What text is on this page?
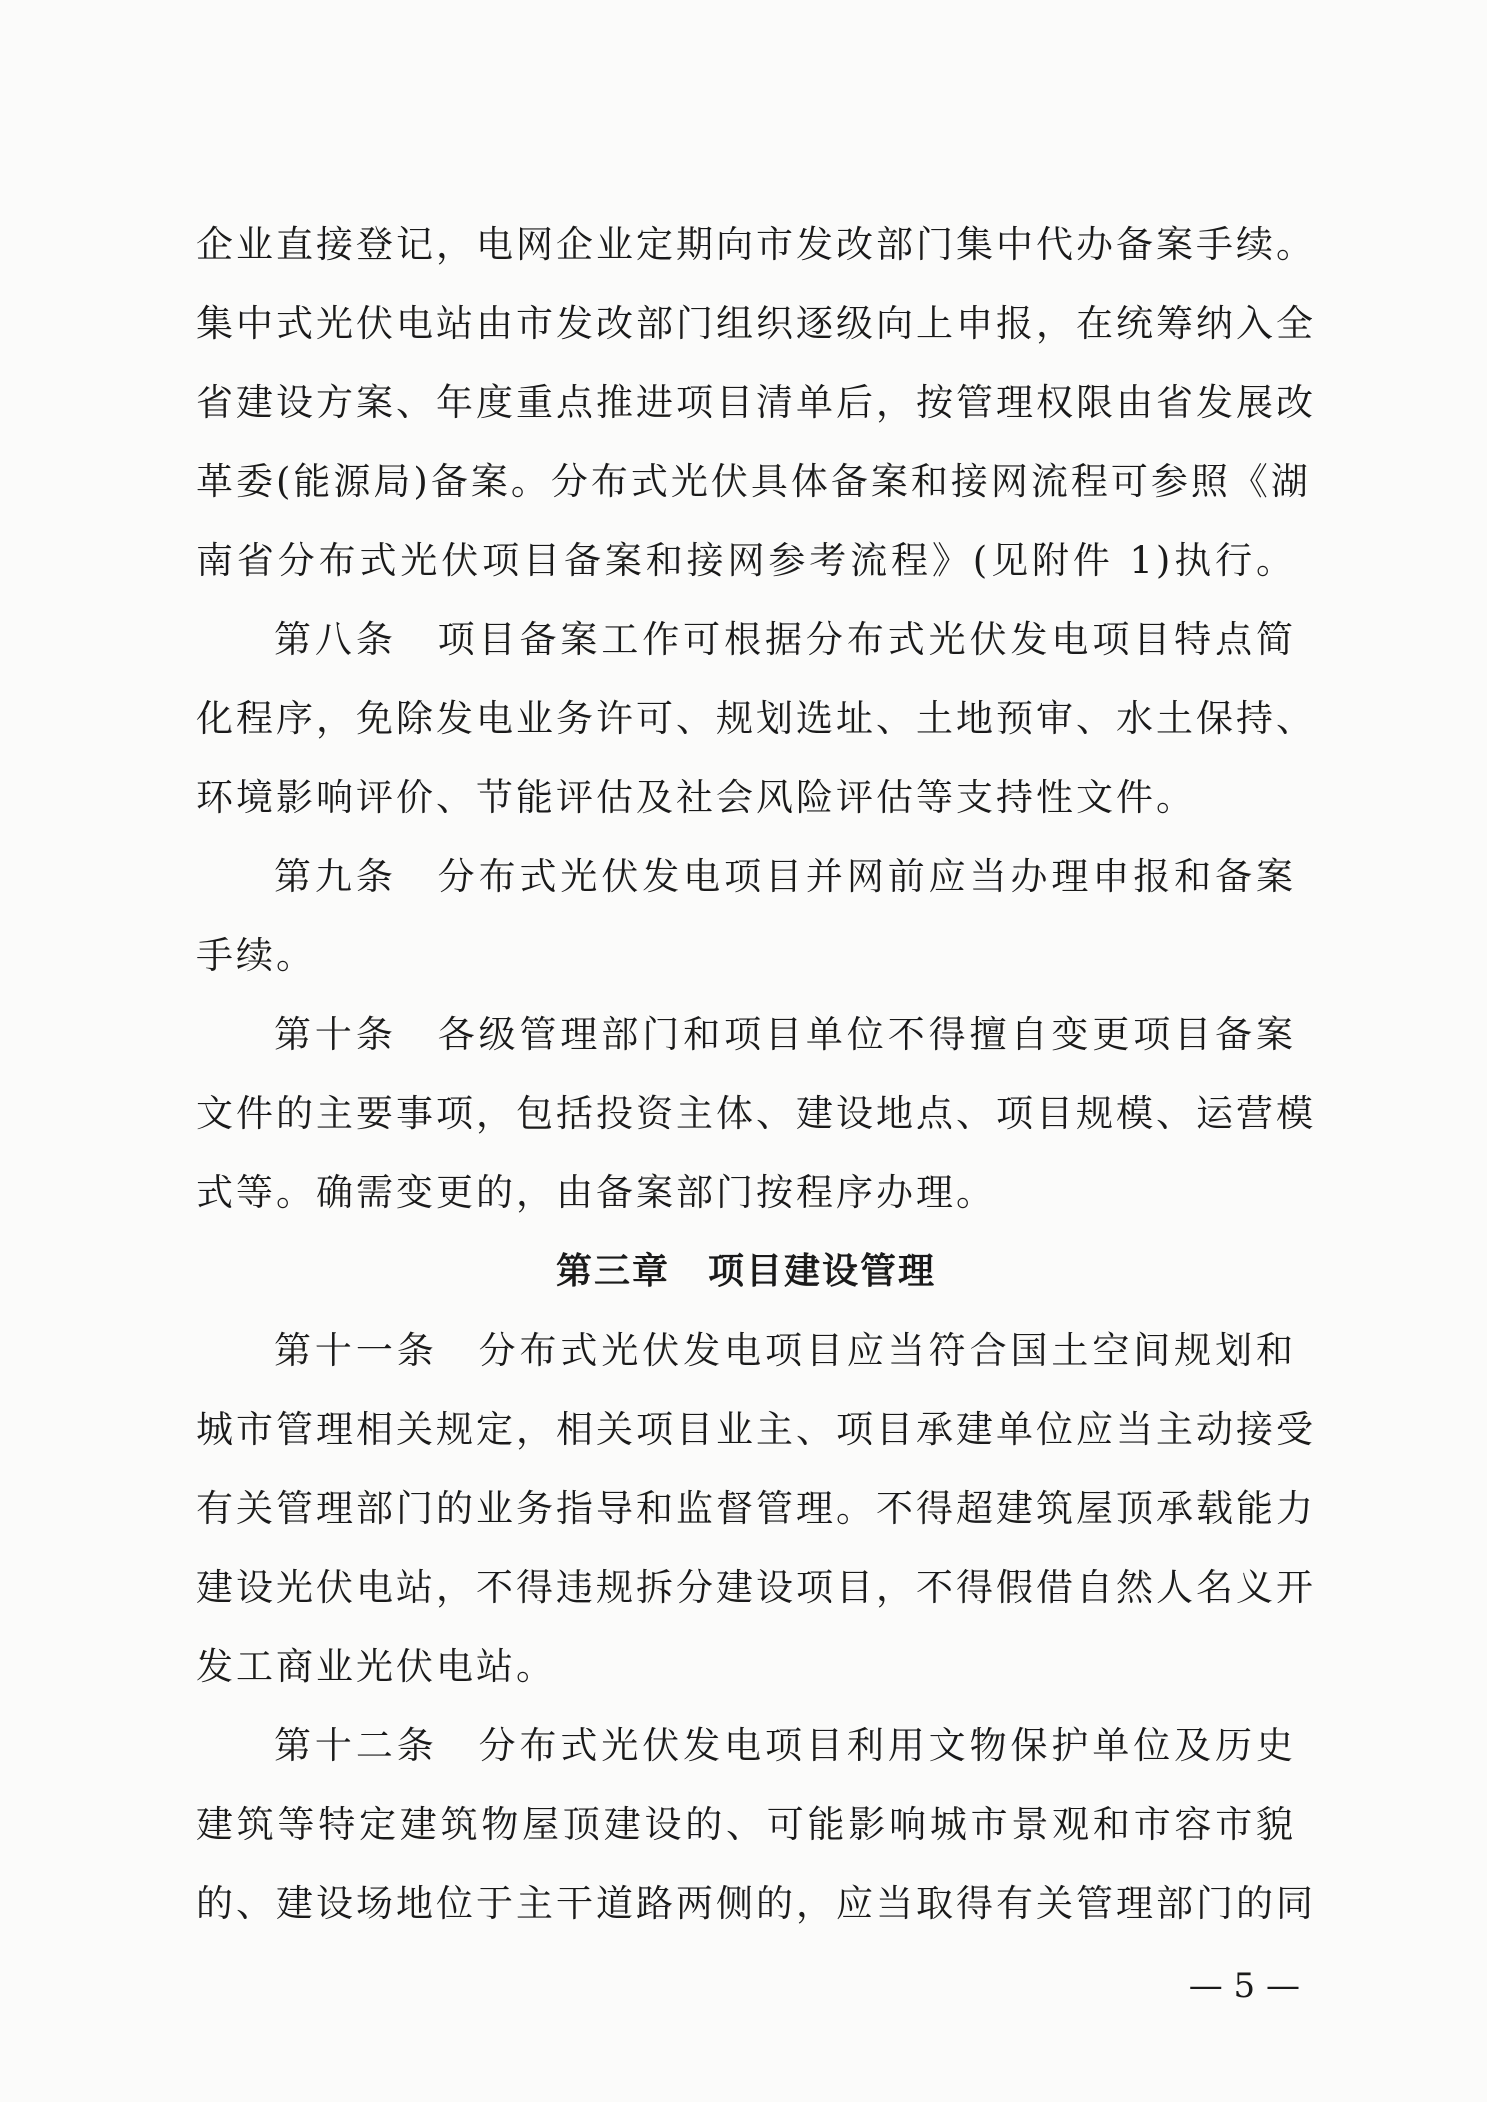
企业直接登记，电网企业定期向市发改部门集中代办备案手续。
集中式光伏电站由市发改部门组织逐级向上申报，在统筹纳入全
省建设方案、年度重点推进项目清单后，按管理权限由省发展改
革委(能源局)备案。分布式光伏具体备案和接网流程可参照《湖
南省分布式光伏项目备案和接网参考流程》(见附件 1)执行。
第八条　项目备案工作可根据分布式光伏发电项目特点简
化程序，免除发电业务许可、规划选址、土地预审、水土保持、
环境影响评价、节能评估及社会风险评估等支持性文件。
第九条　分布式光伏发电项目并网前应当办理申报和备案
手续。
第十条　各级管理部门和项目单位不得擅自变更项目备案
文件的主要事项，包括投资主体、建设地点、项目规模、运营模
式等。确需变更的，由备案部门按程序办理。
第三章　项目建设管理
第十一条　分布式光伏发电项目应当符合国土空间规划和
城市管理相关规定，相关项目业主、项目承建单位应当主动接受
有关管理部门的业务指导和监督管理。不得超建筑屋顶承载能力
建设光伏电站，不得违规拆分建设项目，不得假借自然人名义开
发工商业光伏电站。
第十二条　分布式光伏发电项目利用文物保护单位及历史
建筑等特定建筑物屋顶建设的、可能影响城市景观和市容市貌
的、建设场地位于主干道路两侧的，应当取得有关管理部门的同
— 5 —
